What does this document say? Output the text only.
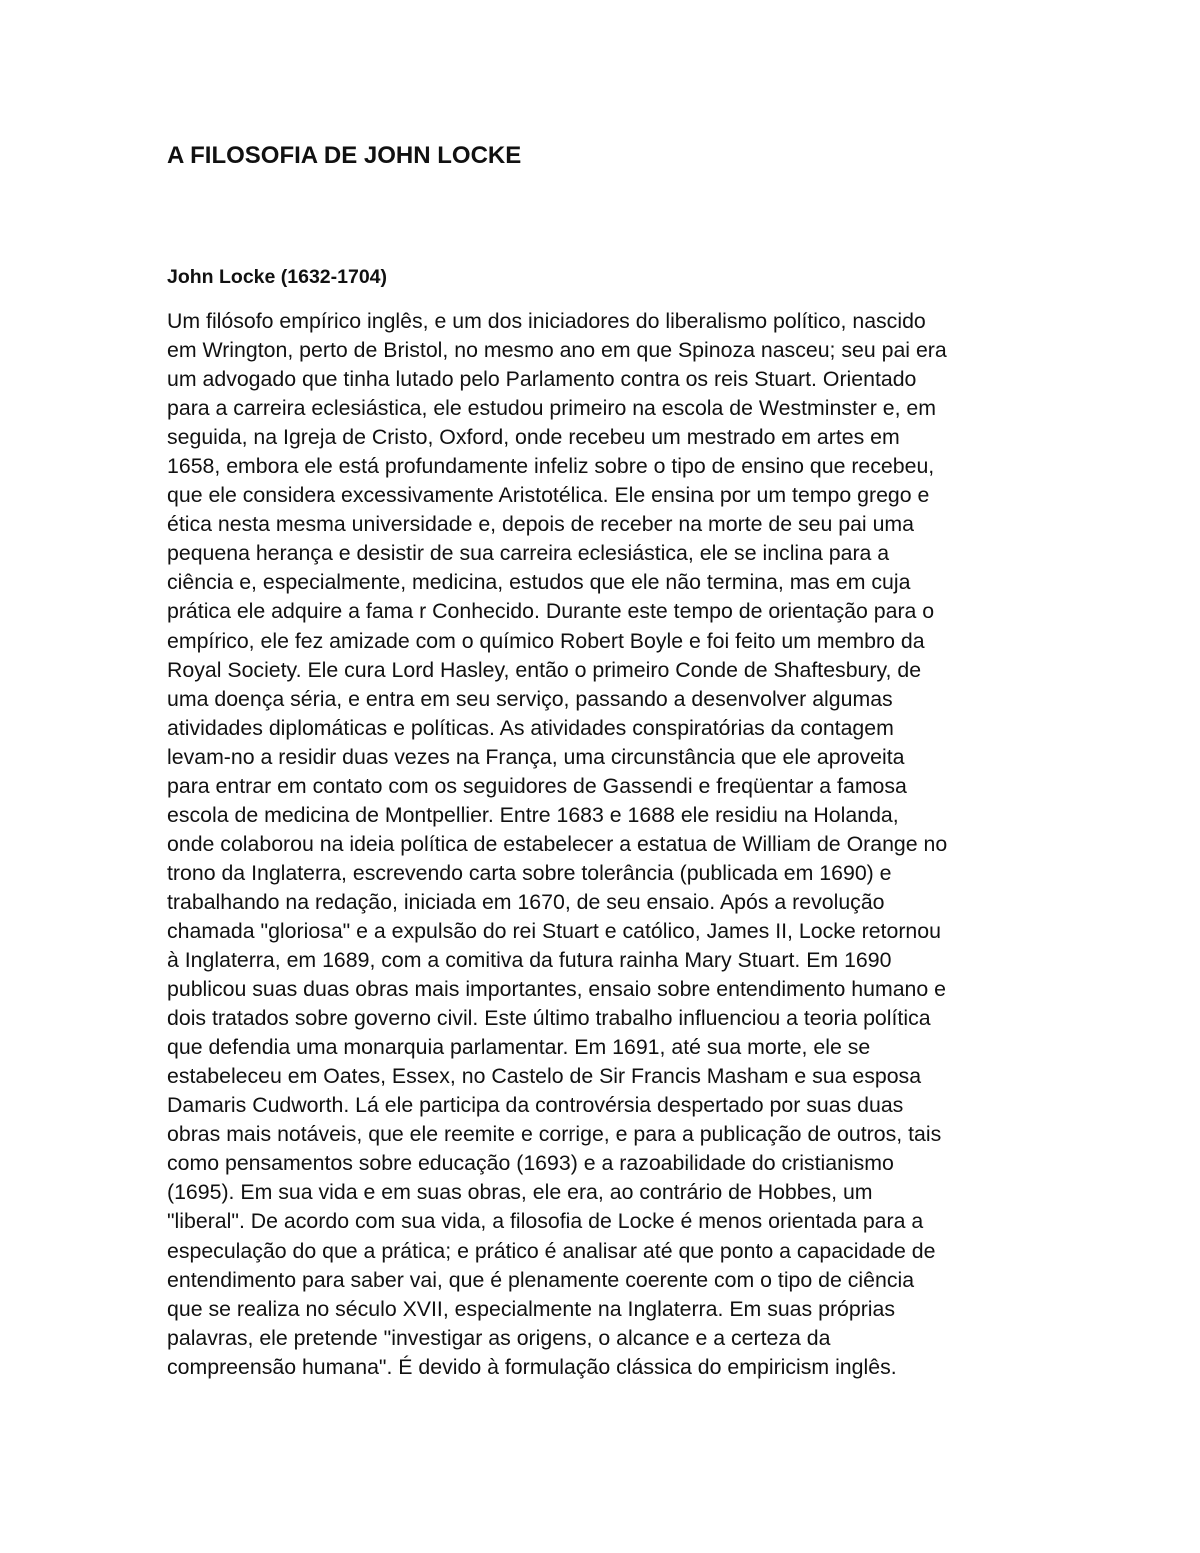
A FILOSOFIA DE JOHN LOCKE
John Locke (1632-1704)

Um filósofo empírico inglês, e um dos iniciadores do liberalismo político, nascido
em Wrington, perto de Bristol, no mesmo ano em que Spinoza nasceu; seu pai era
um advogado que tinha lutado pelo Parlamento contra os reis Stuart. Orientado
para a carreira eclesiástica, ele estudou primeiro na escola de Westminster e, em
seguida, na Igreja de Cristo, Oxford, onde recebeu um mestrado em artes em
1658, embora ele está profundamente infeliz sobre o tipo de ensino que recebeu,
que ele considera excessivamente Aristotélica. Ele ensina por um tempo grego e
ética nesta mesma universidade e, depois de receber na morte de seu pai uma
pequena herança e desistir de sua carreira eclesiástica, ele se inclina para a
ciência e, especialmente, medicina, estudos que ele não termina, mas em cuja
prática ele adquire a fama r Conhecido. Durante este tempo de orientação para o
empírico, ele fez amizade com o químico Robert Boyle e foi feito um membro da
Royal Society. Ele cura Lord Hasley, então o primeiro Conde de Shaftesbury, de
uma doença séria, e entra em seu serviço, passando a desenvolver algumas
atividades diplomáticas e políticas. As atividades conspiratórias da contagem
levam-no a residir duas vezes na França, uma circunstância que ele aproveita
para entrar em contato com os seguidores de Gassendi e freqüentar a famosa
escola de medicina de Montpellier. Entre 1683 e 1688 ele residiu na Holanda,
onde colaborou na ideia política de estabelecer a estatua de William de Orange no
trono da Inglaterra, escrevendo carta sobre tolerância (publicada em 1690) e
trabalhando na redação, iniciada em 1670, de seu ensaio. Após a revolução
chamada "gloriosa" e a expulsão do rei Stuart e católico, James II, Locke retornou
à Inglaterra, em 1689, com a comitiva da futura rainha Mary Stuart. Em 1690
publicou suas duas obras mais importantes, ensaio sobre entendimento humano e
dois tratados sobre governo civil. Este último trabalho influenciou a teoria política
que defendia uma monarquia parlamentar. Em 1691, até sua morte, ele se
estabeleceu em Oates, Essex, no Castelo de Sir Francis Masham e sua esposa
Damaris Cudworth. Lá ele participa da controvérsia despertado por suas duas
obras mais notáveis, que ele reemite e corrige, e para a publicação de outros, tais
como pensamentos sobre educação (1693) e a razoabilidade do cristianismo
(1695). Em sua vida e em suas obras, ele era, ao contrário de Hobbes, um
"liberal". De acordo com sua vida, a filosofia de Locke é menos orientada para a
especulação do que a prática; e prático é analisar até que ponto a capacidade de
entendimento para saber vai, que é plenamente coerente com o tipo de ciência
que se realiza no século XVII, especialmente na Inglaterra. Em suas próprias
palavras, ele pretende "investigar as origens, o alcance e a certeza da
compreensão humana". É devido à formulação clássica do empiricism inglês.
